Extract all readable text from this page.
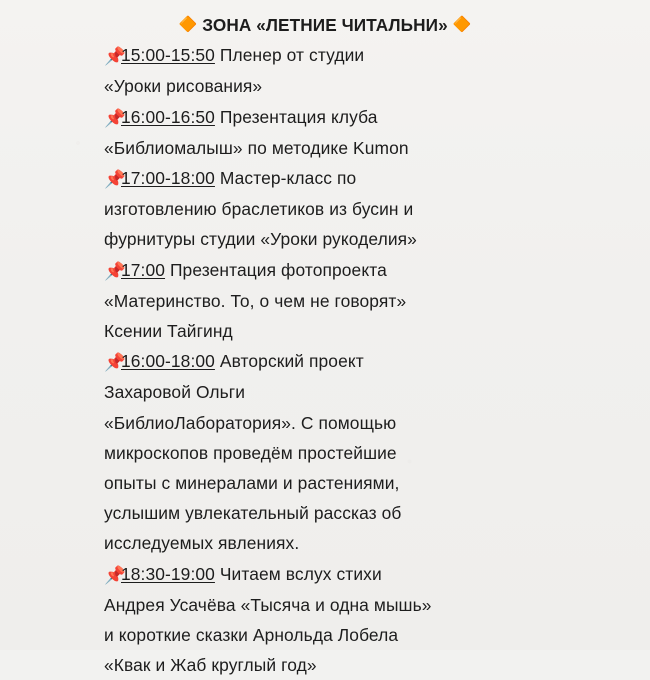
🔶 ЗОНА «ЛЕТНИЕ ЧИТАЛЬНИ» 🔶
📌15:00-15:50 Пленер от студии
«Уроки рисования»
📌16:00-16:50 Презентация клуба
«Библиомалыш» по методике Kumon
📌17:00-18:00 Мастер-класс по
изготовлению браслетиков из бусин и
фурнитуры студии «Уроки рукоделия»
📌17:00 Презентация фотопроекта
«Материнство. То, о чем не говорят»
Ксении Тайгинд
📌16:00-18:00 Авторский проект
Захаровой Ольги
«БиблиоЛаборатория». С помощью
микроскопов проведём простейшие
опыты с минералами и растениями,
услышим увлекательный рассказ об
исследуемых явлениях.
📌18:30-19:00 Читаем вслух стихи
Андрея Усачёва «Тысяча и одна мышь»
и короткие сказки Арнольда Лобела
«Квак и Жаб круглый год»
